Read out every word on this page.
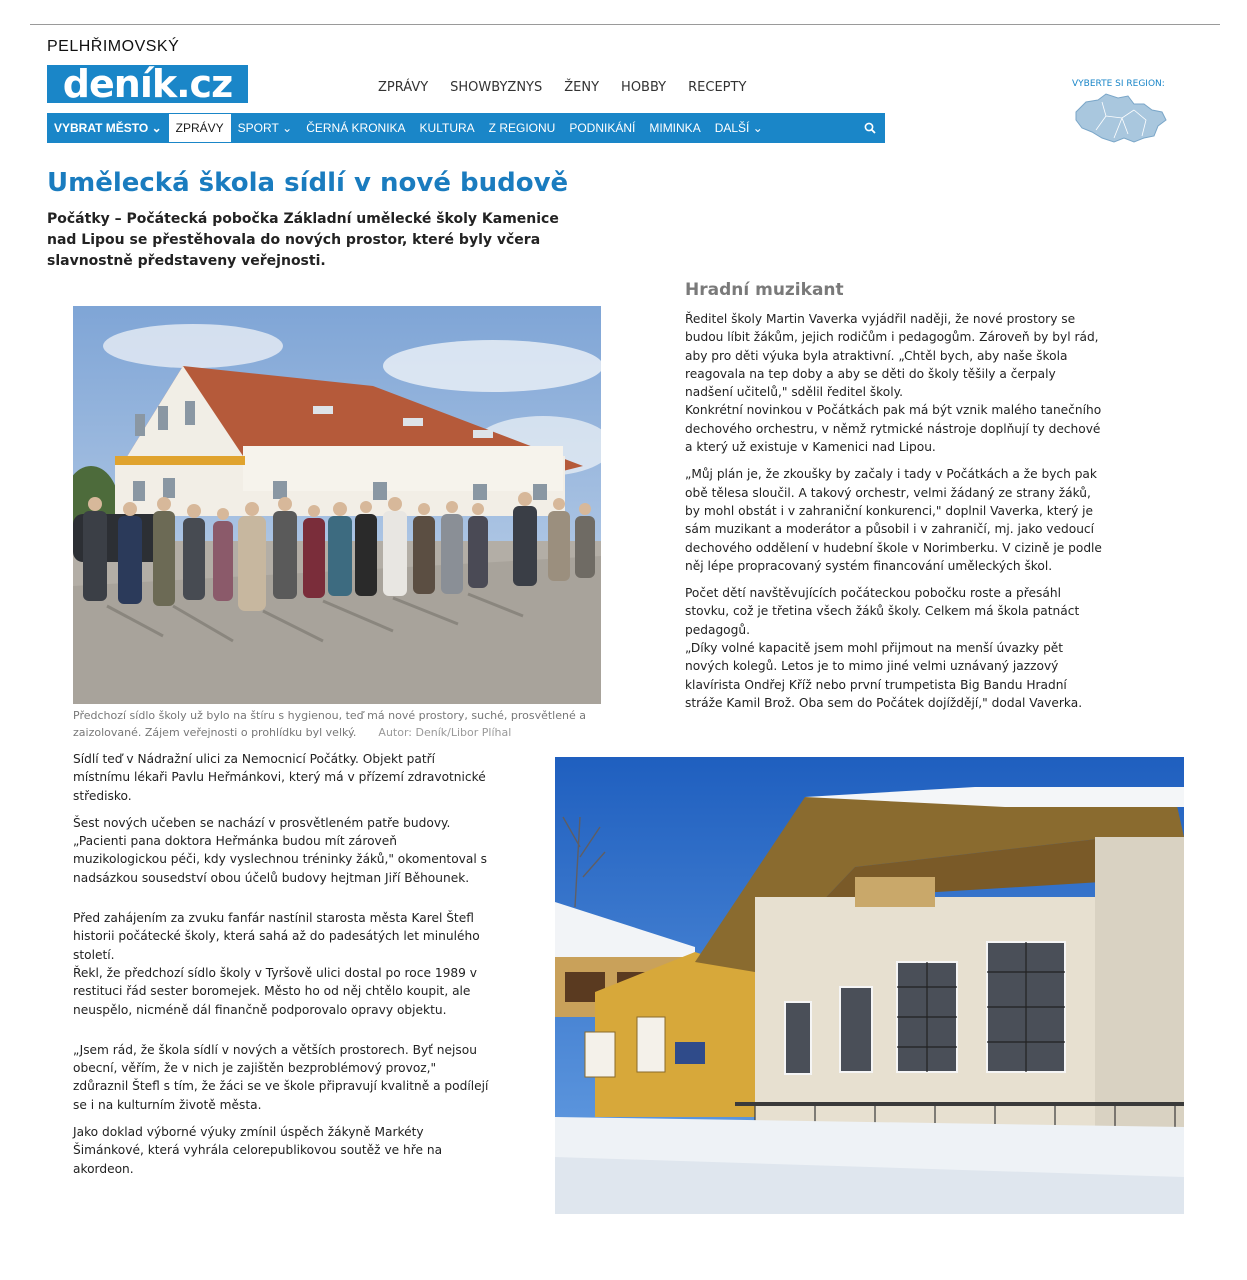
PELHŘIMOVSKÝ
deník.cz	ZPRÁVY SHOWBYZNYS ŽENY HOBBY RECEPTY	VYBERTE SI REGION:
VYBRAT MĚSTO
⌄ ZPRÁVY SPORT
⌄ ČERNÁ KRONIKA KULTURA Z REGIONU PODNIKÁNÍ MIMINKA DALŠÍ
⌄
Umělecká škola sídlí v nové budově

Počátky – Počátecká pobočka Základní umělecké školy Kamenice nad Lipou se přestěhovala do nových prostor, které byly včera slavnostně představeny veřejnosti.

Předchozí sídlo školy už bylo na štíru s hygienou, teď má nové prostory, suché, prosvětlené a zaizolované. Zájem veřejnosti o prohlídku byl velký. Autor: Deník/Libor Plíhal

Hradní muzikant

Ředitel školy Martin Vaverka vyjádřil naději, že nové prostory se budou líbit žákům, jejich rodičům i pedagogům. Zároveň by byl rád, aby pro děti výuka byla atraktivní. „Chtěl bych, aby naše škola reagovala na tep doby a aby se děti do školy těšily a čerpaly nadšení učitelů," sdělil ředitel školy.
Konkrétní novinkou v Počátkách pak má být vznik malého tanečního dechového orchestru, v němž rytmické nástroje doplňují ty dechové a který už existuje v Kamenici nad Lipou.

„Můj plán je, že zkoušky by začaly i tady v Počátkách a že bych pak obě tělesa sloučil. A takový orchestr, velmi žádaný ze strany žáků, by mohl obstát i v zahraniční konkurenci," doplnil Vaverka, který je sám muzikant a moderátor a působil i v zahraničí, mj. jako vedoucí dechového oddělení v hudební škole v Norimberku. V cizině je podle něj lépe propracovaný systém financování uměleckých škol.

Počet dětí navštěvujících počáteckou pobočku roste a přesáhl stovku, což je třetina všech žáků školy. Celkem má škola patnáct pedagogů.
„Díky volné kapacitě jsem mohl přijmout na menší úvazky pět nových kolegů. Letos je to mimo jiné velmi uznávaný jazzový klavírista Ondřej Kříž nebo první trumpetista Big Bandu Hradní stráže Kamil Brož. Oba sem do Počátek dojíždějí," dodal Vaverka.

Sídlí teď v Nádražní ulici za Nemocnicí Počátky. Objekt patří místnímu lékaři Pavlu Heřmánkovi, který má v přízemí zdravotnické středisko.

Šest nových učeben se nachází v prosvětleném patře budovy. „Pacienti pana doktora Heřmánka budou mít zároveň muzikologickou péči, kdy vyslechnou tréninky žáků," okomentoval s nadsázkou sousedství obou účelů budovy hejtman Jiří Běhounek.

Před zahájením za zvuku fanfár nastínil starosta města Karel Štefl historii počátecké školy, která sahá až do padesátých let minulého století.
Řekl, že předchozí sídlo školy v Tyršově ulici dostal po roce 1989 v restituci řád sester boromejek. Město ho od něj chtělo koupit, ale neuspělo, nicméně dál finančně podporovalo opravy objektu.

„Jsem rád, že škola sídlí v nových a větších prostorech. Byť nejsou obecní, věřím, že v nich je zajištěn bezproblémový provoz," zdůraznil Štefl s tím, že žáci se ve škole připravují kvalitně a podílejí se i na kulturním životě města.

Jako doklad výborné výuky zmínil úspěch žákyně Markéty Šimánkové, která vyhrála celorepublikovou soutěž ve hře na akordeon.
